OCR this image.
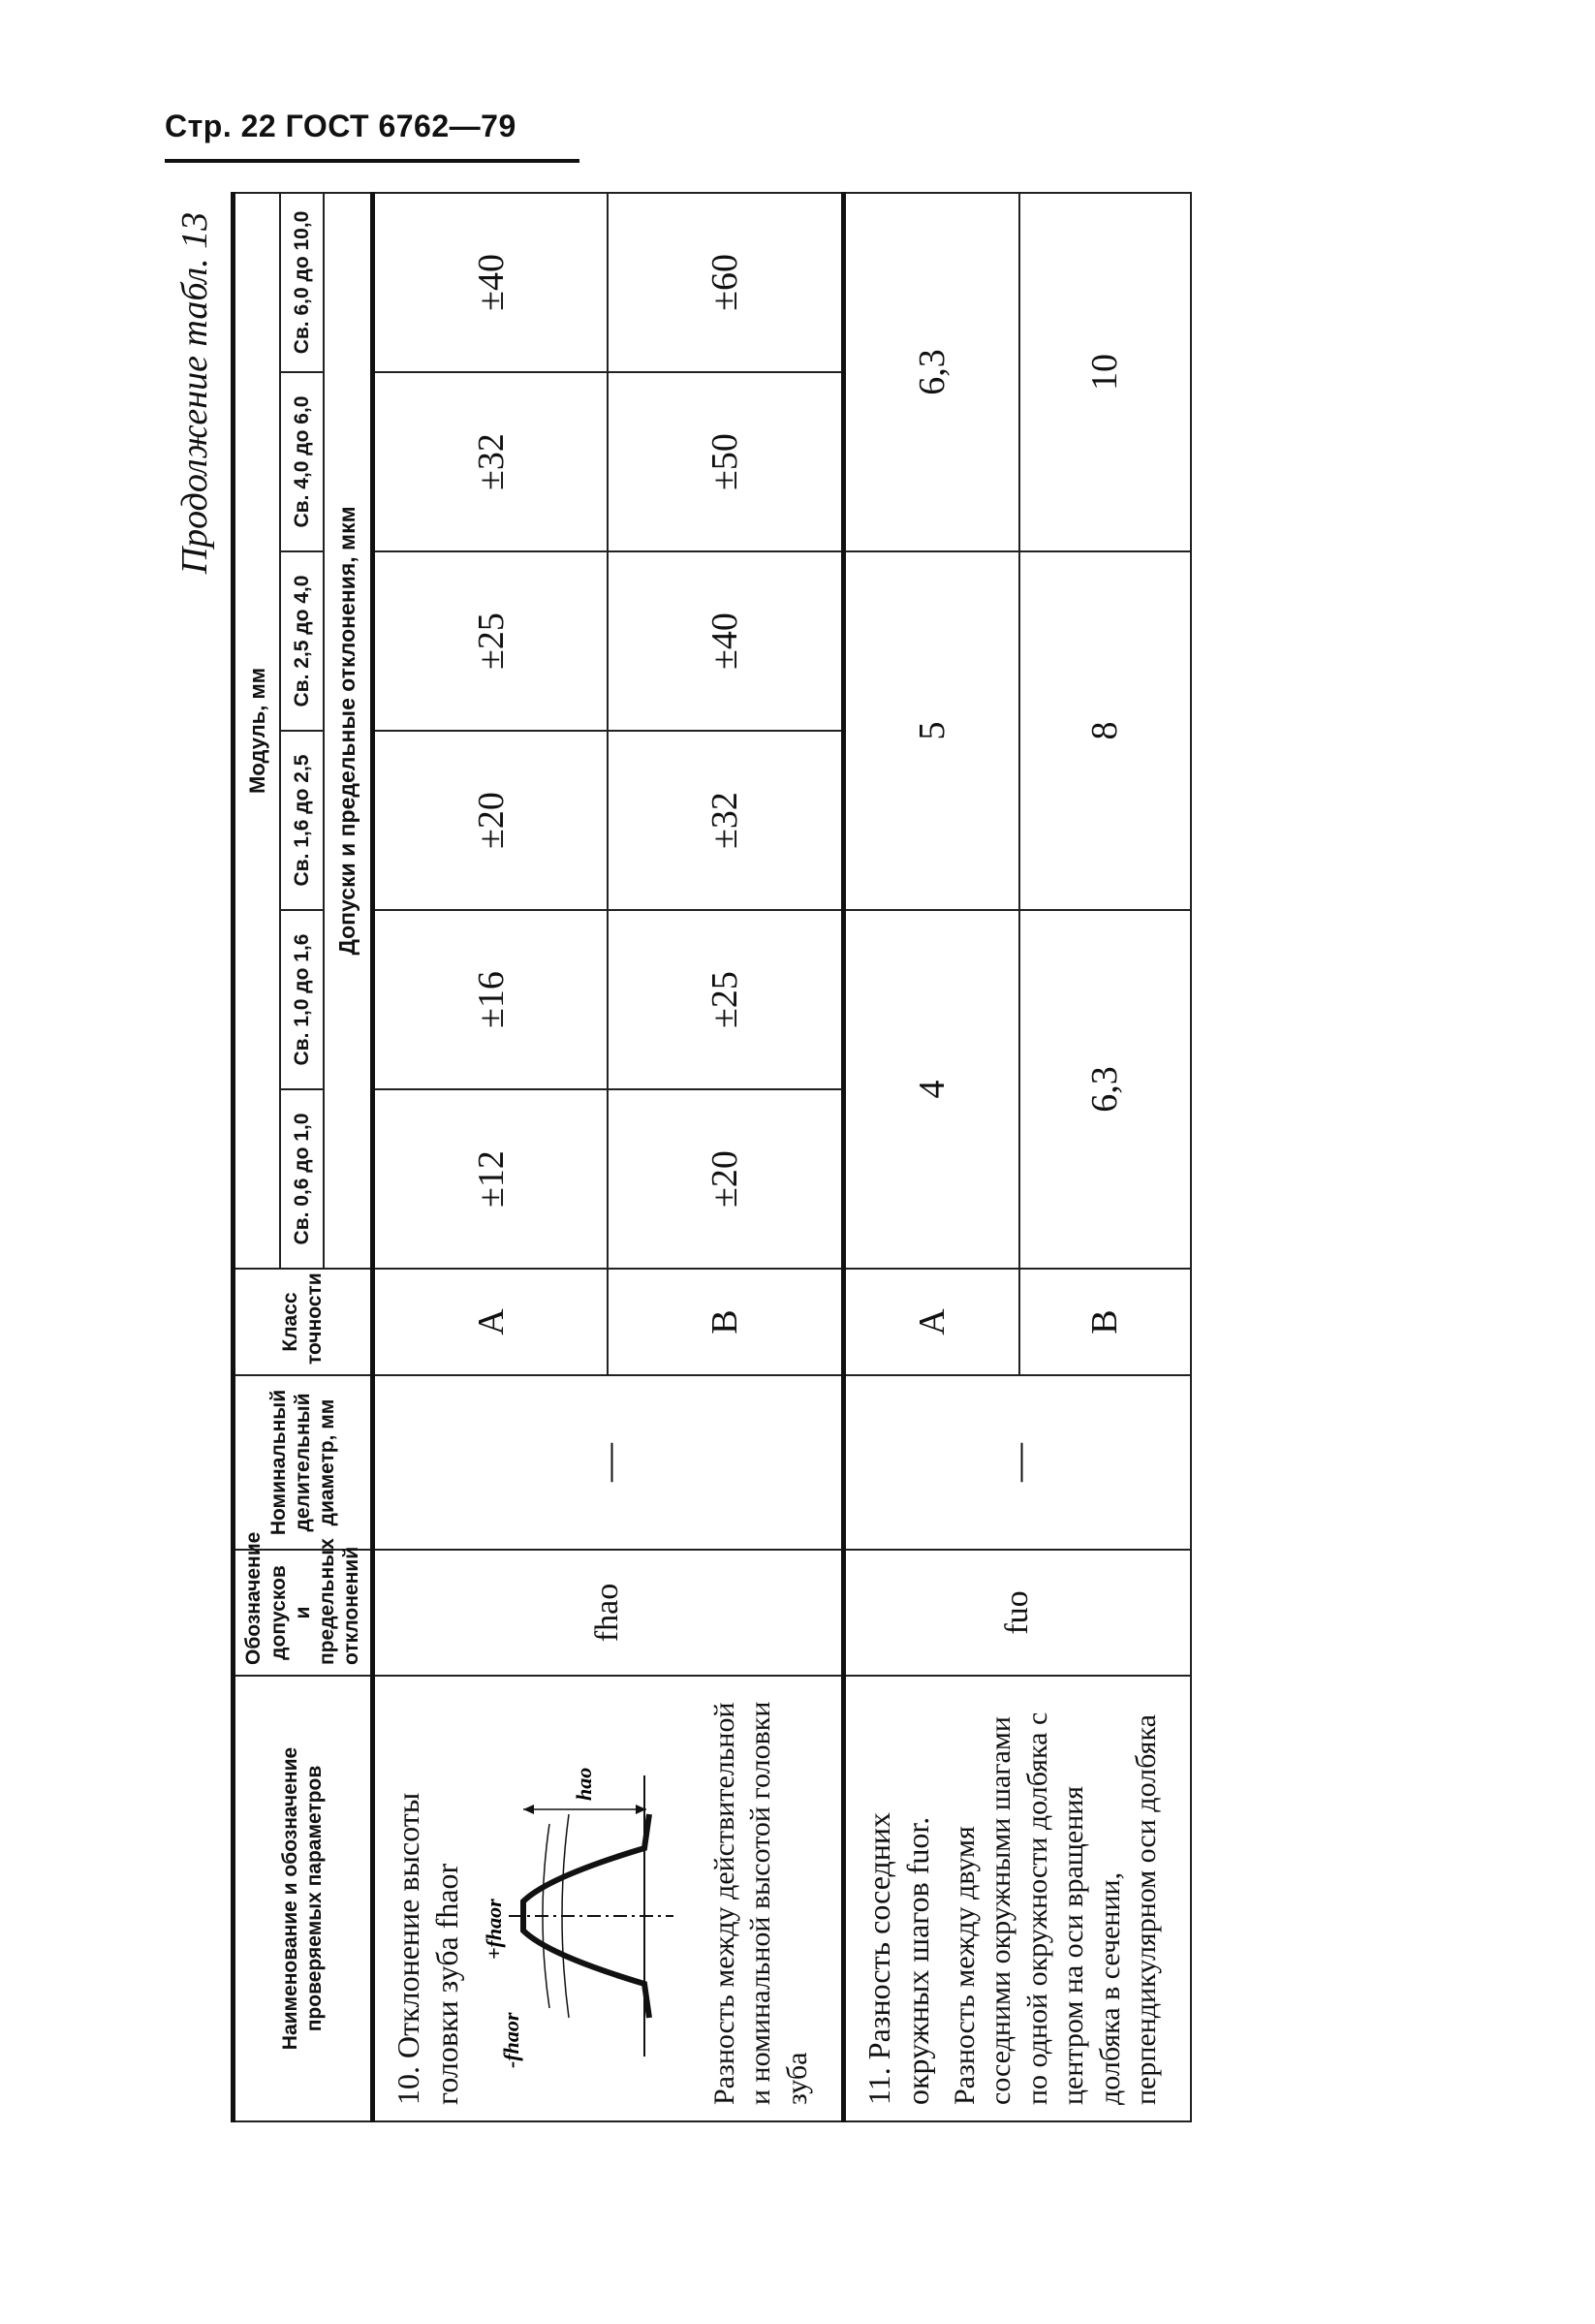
Стр. 22 ГОСТ 6762—79
Продолжение табл. 13									
Наименование и обозначение проверяемых параметров	Обозначение допусков и предельных отклонений	Номинальный делительный диаметр, мм	Класс точности	Модуль, мм					
				Св. 0,6 до 1,0	Св. 1,0 до 1,6	Св. 1,6 до 2,5	Св. 2,5 до 4,0	Св. 4,0 до 6,0	Св. 6,0 до 10,0
				Допуски и предельные отклонения, мкм					

10. Отклонение высоты головки зуба fhaor -fhaor
+fhaor
hao Разность между действительной и номинальной высотой головки зуба	fhao	—	A	±12	±16	±20	±25	±32	±40
			B	±20	±25	±32	±40	±50	±60

11. Разность соседних окружных шагов fuor. Разность между двумя соседними окружными шагами по одной окружности долбяка с центром на оси вращения долбяка в сечении, перпендикулярном оси долбяка	fuo	—	A	4		5		6,3	
			B	6,3		8		10	
